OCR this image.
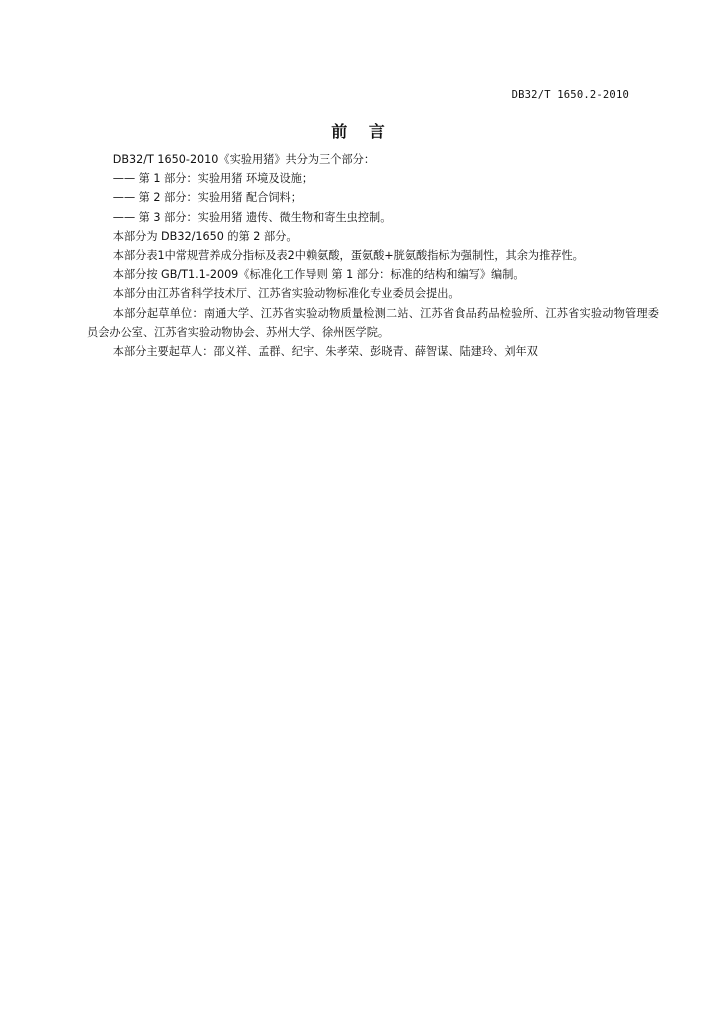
DB32/T 1650.2-2010
前 言

DB32/T 1650-2010《实验用猪》共分为三个部分：

—— 第 1 部分：实验用猪 环境及设施；

—— 第 2 部分：实验用猪 配合饲料；

—— 第 3 部分：实验用猪 遗传、微生物和寄生虫控制。

本部分为 DB32/1650 的第 2 部分。

本部分表1中常规营养成分指标及表2中赖氨酸，蛋氨酸+胱氨酸指标为强制性，其余为推荐性。

本部分按 GB/T1.1-2009《标准化工作导则 第 1 部分：标准的结构和编写》编制。

本部分由江苏省科学技术厅、江苏省实验动物标准化专业委员会提出。

本部分起草单位：南通大学、江苏省实验动物质量检测二站、江苏省食品药品检验所、江苏省实验动物管理委员会办公室、江苏省实验动物协会、苏州大学、徐州医学院。

本部分主要起草人：邵义祥、孟群、纪宇、朱孝荣、彭晓青、薛智谋、陆建玲、刘年双
